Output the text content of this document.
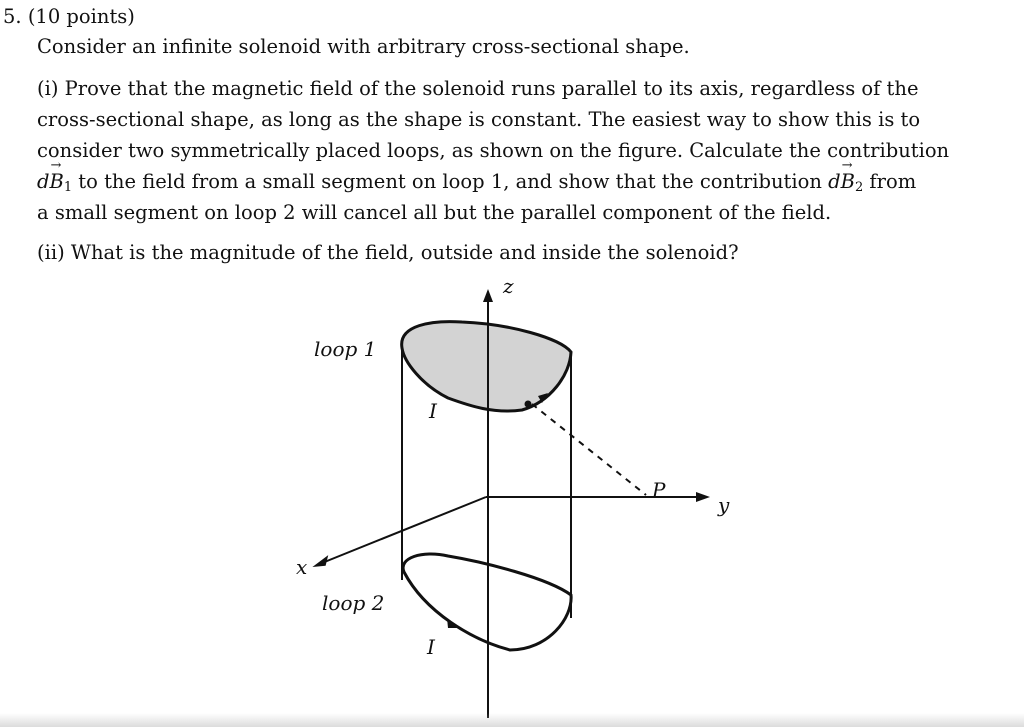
5. (10 points)
Consider an infinite solenoid with arbitrary cross-sectional shape.
(i) Prove that the magnetic field of the solenoid runs parallel to its axis, regardless of the
cross-sectional shape, as long as the shape is constant. The easiest way to show this is to
consider two symmetrically placed loops, as shown on the figure. Calculate the contribution
$d\to B_1$ to the field from a small segment on loop 1, and show that the contribution $d\to B_2$ from
a small segment on loop 2 will cancel all but the parallel component of the field.
(ii) What is the magnitude of the field, outside and inside the solenoid?
z
y
x
P
loop 1
loop 2
I
I
